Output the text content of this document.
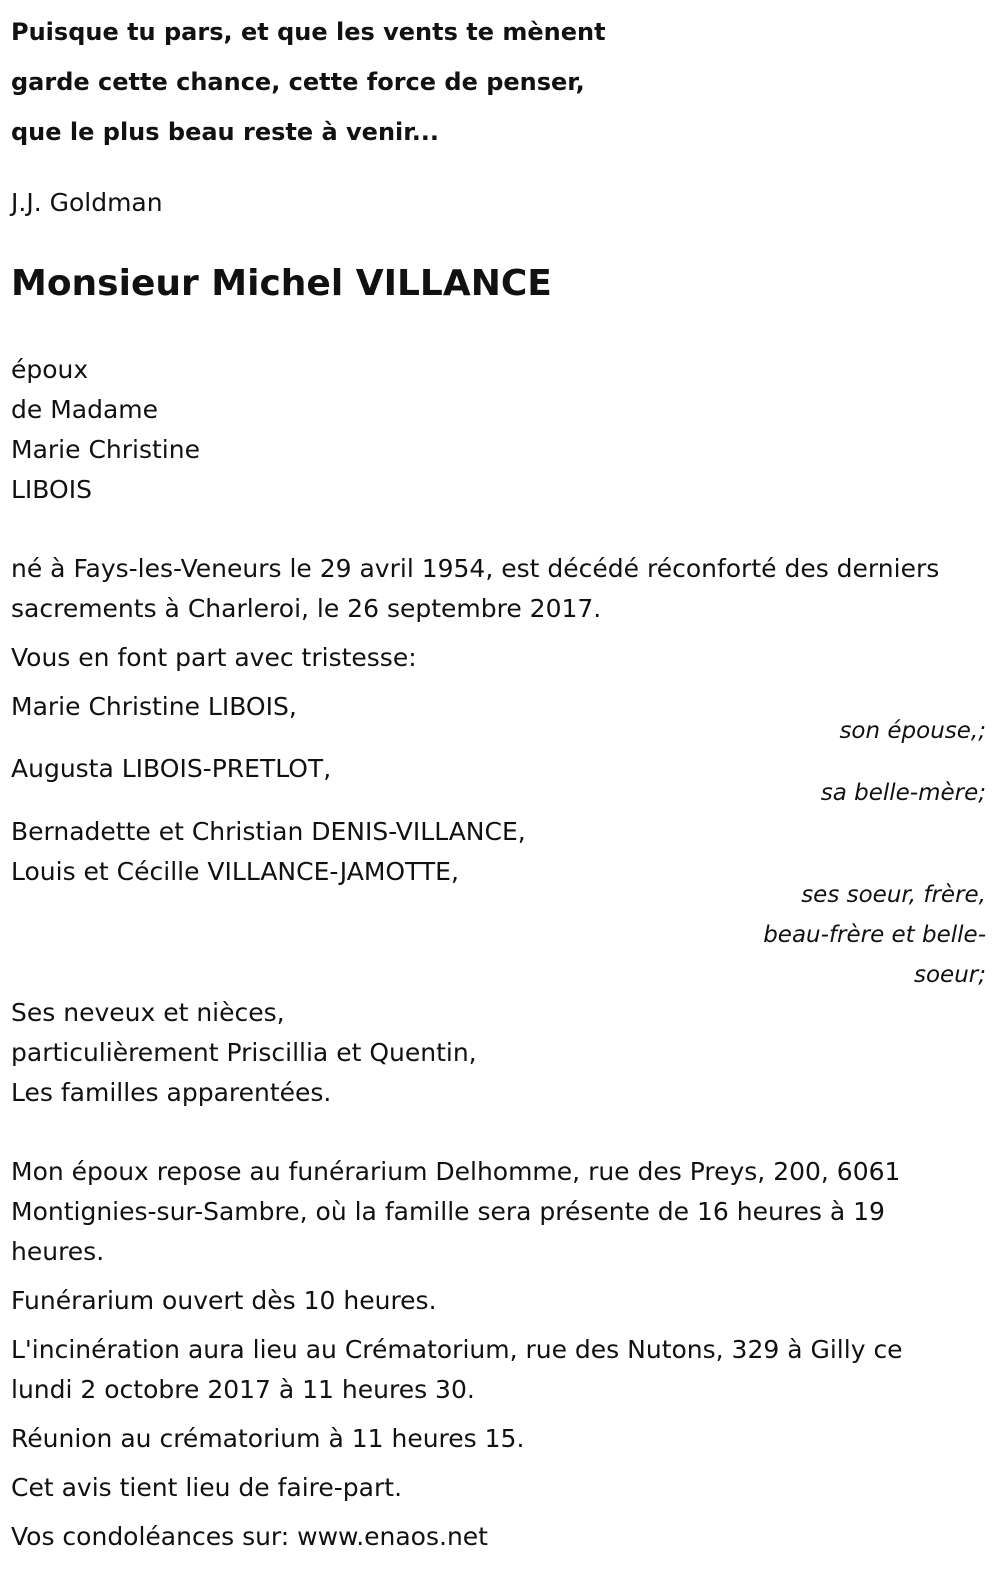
Puisque tu pars, et que les vents te mènent
garde cette chance, cette force de penser,
que le plus beau reste à venir...
J.J. Goldman
Monsieur Michel VILLANCE
époux
de Madame
Marie Christine
LIBOIS
né à Fays-les-Veneurs le 29 avril 1954, est décédé réconforté des derniers sacrements à Charleroi, le 26 septembre 2017.
Vous en font part avec tristesse:
Marie Christine LIBOIS,
son épouse,;
Augusta LIBOIS-PRETLOT,
sa belle-mère;
Bernadette et Christian DENIS-VILLANCE,
Louis et Cécille VILLANCE-JAMOTTE,
ses soeur, frère,
beau-frère et belle-
soeur;
Ses neveux et nièces,
particulièrement Priscillia et Quentin,
Les familles apparentées.
Mon époux repose au funérarium Delhomme, rue des Preys, 200, 6061 Montignies-sur-Sambre, où la famille sera présente de 16 heures à 19 heures.
Funérarium ouvert dès 10 heures.
L'incinération aura lieu au Crématorium, rue des Nutons, 329 à Gilly ce lundi 2 octobre 2017 à 11 heures 30.
Réunion au crématorium à 11 heures 15.
Cet avis tient lieu de faire-part.
Vos condoléances sur: www.enaos.net
